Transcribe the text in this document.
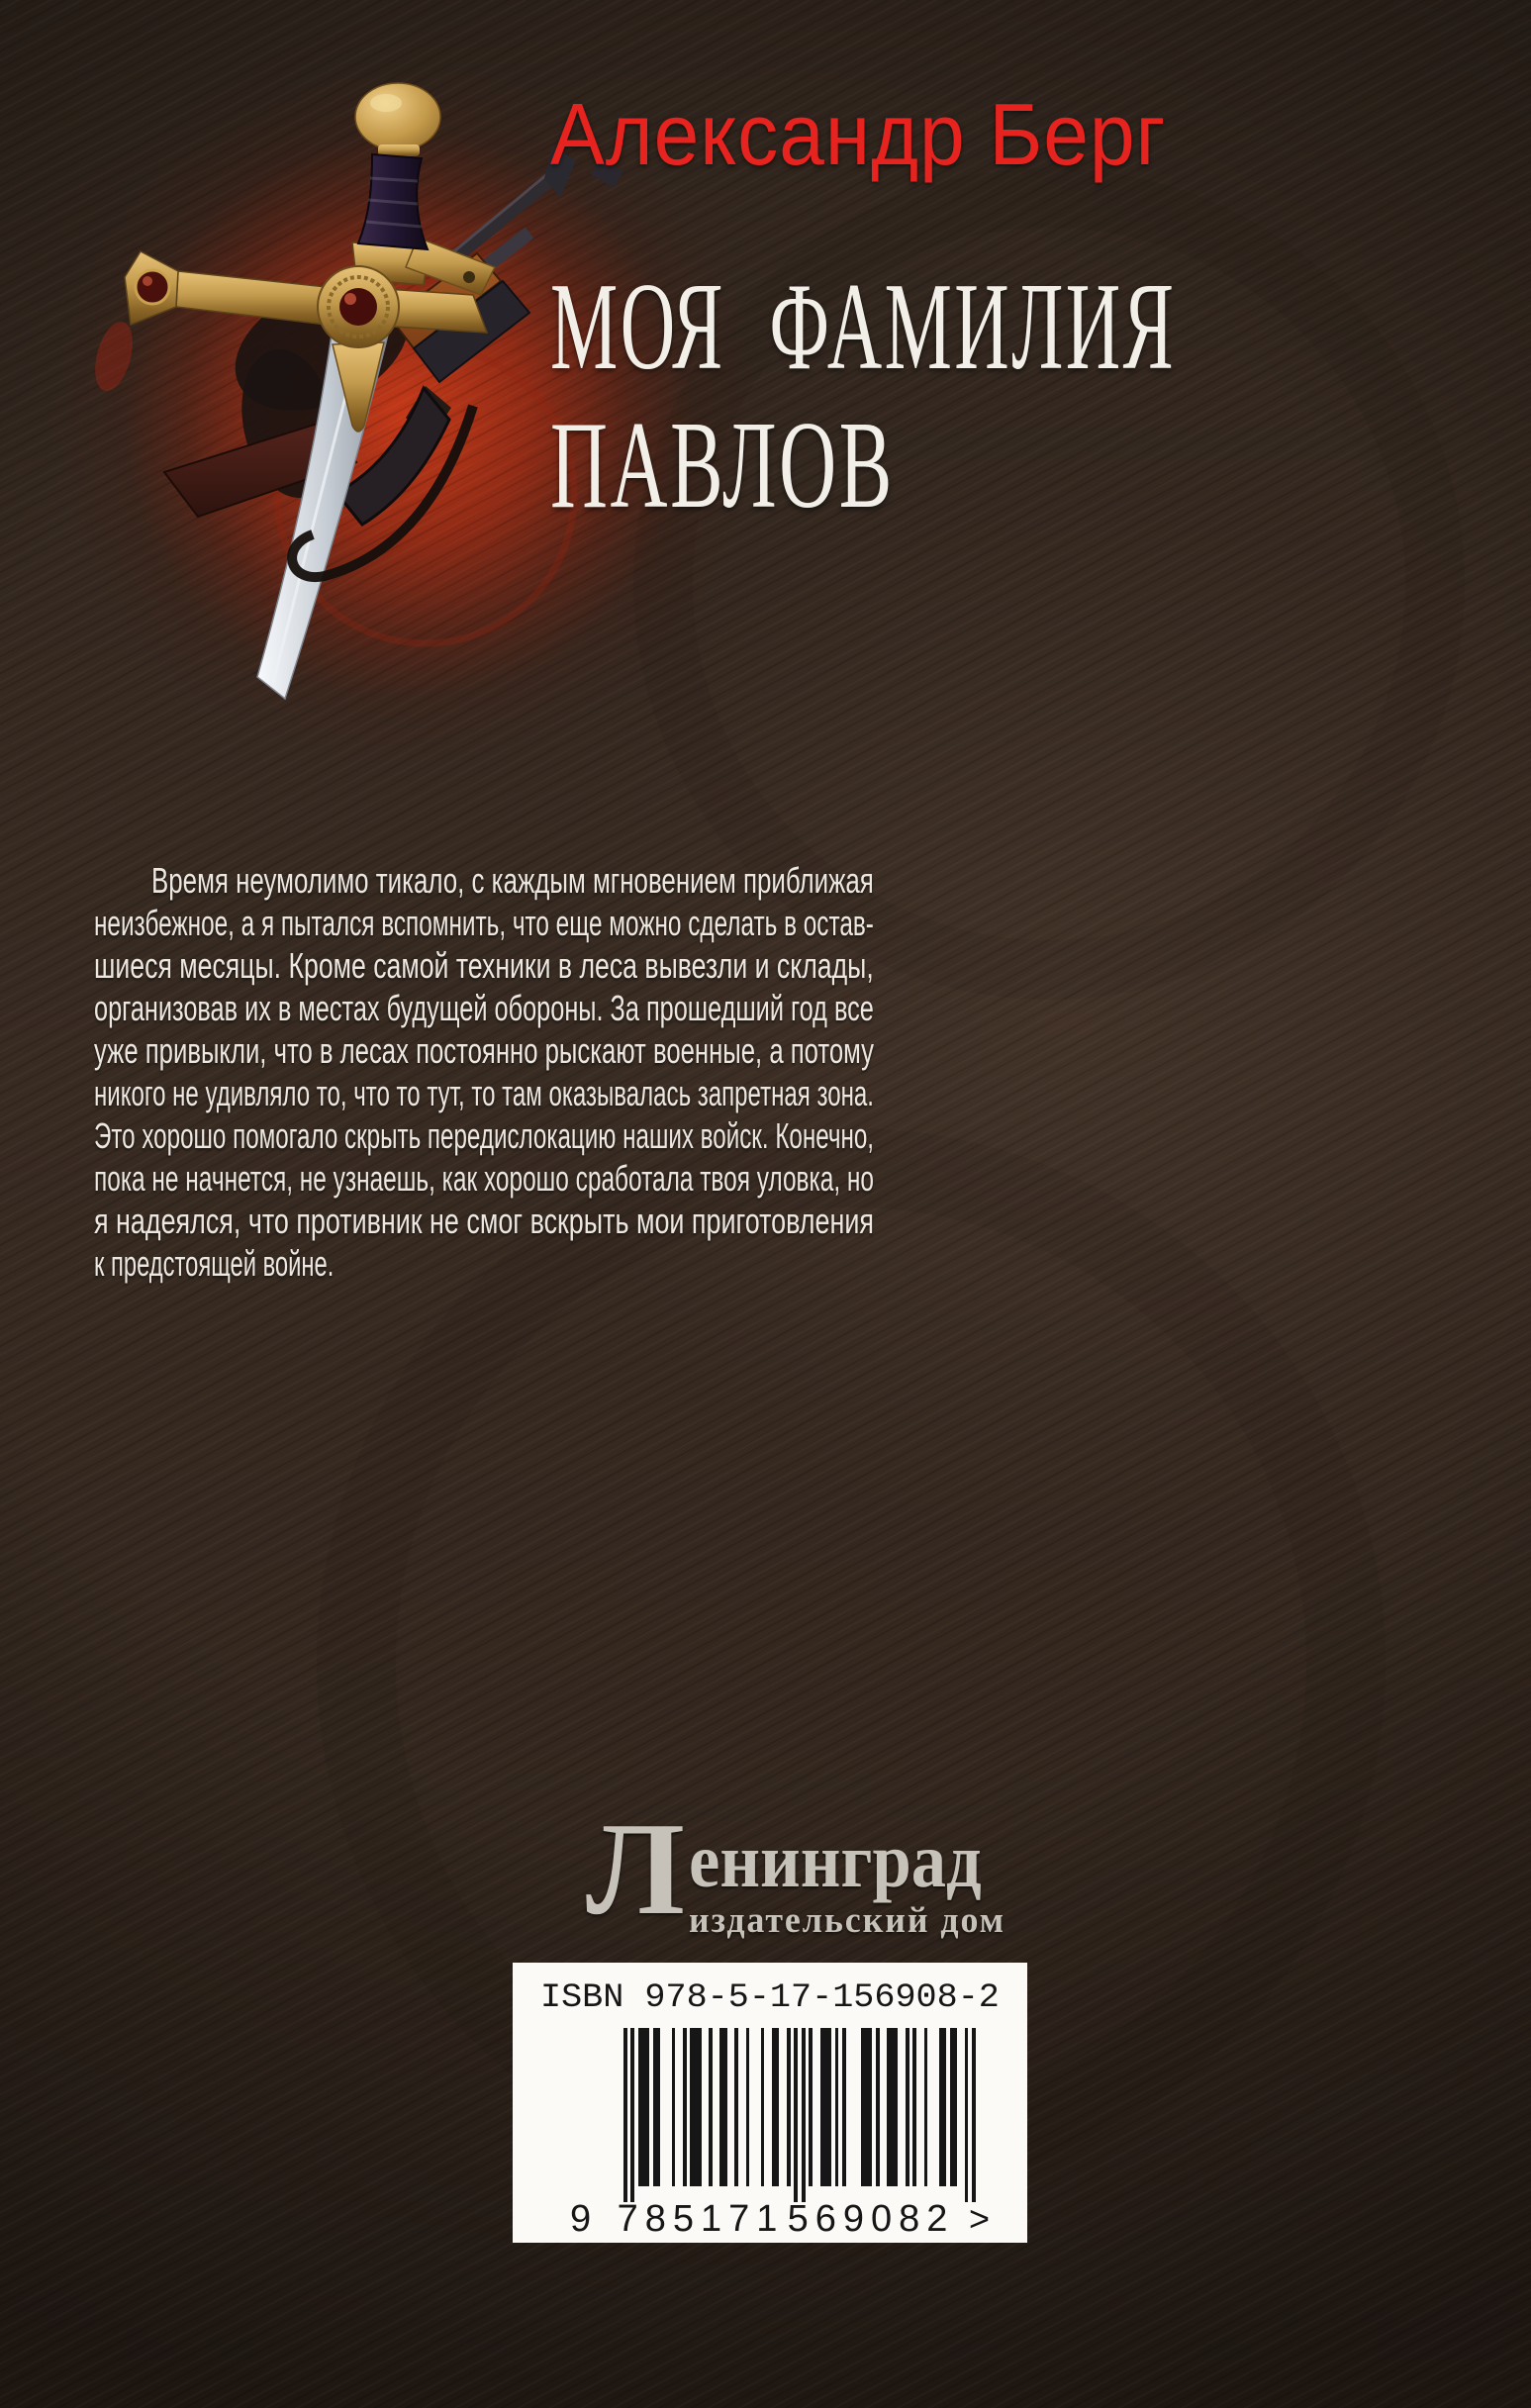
Александр Берг
МОЯ ФАМИЛИЯ
ПАВЛОВ
Время неумолимо тикало, с каждым мгновением приближая
неизбежное, а я пытался вспомнить, что еще можно сделать в остав-
шиеся месяцы. Кроме самой техники в леса вывезли и склады,
организовав их в местах будущей обороны. За прошедший год все
уже привыкли, что в лесах постоянно рыскают военные, а потому
никого не удивляло то, что то тут, то там оказывалась запретная зона.
Это хорошо помогало скрыть передислокацию наших войск. Конечно,
пока не начнется, не узнаешь, как хорошо сработала твоя уловка, но
я надеялся, что противник не смог вскрыть мои приготовления
к предстоящей войне.
Л енинград
издательский дом
ISBN 978-5-17-156908-2
9 785171 569082 >
